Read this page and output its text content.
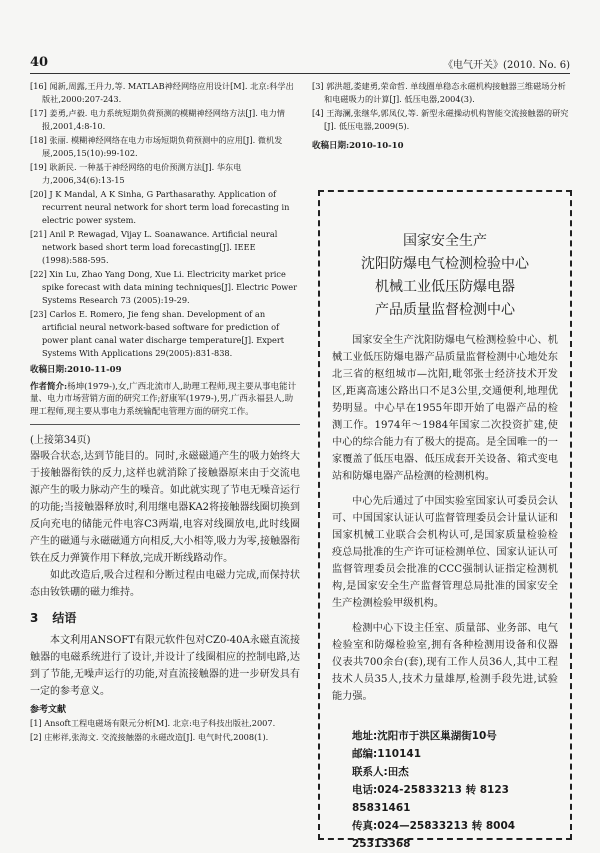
40	《电气开关》(2010. No. 6)

[16] 闻新,周露,王丹力,等. MATLAB神经网络应用设计[M]. 北京:科学出版社,2000:207-243.

[17] 姜勇,卢毅. 电力系统短期负荷预测的模糊神经网络方法[J]. 电力情报,2001,4:8-10.

[18] 张丽. 模糊神经网络在电力市场短期负荷预测中的应用[J]. 微机发展,2005,15(10):99-102.

[19] 耿新民. 一种基于神经网络的电价预测方法[J]. 华东电力,2006,34(6):13-15

[20] J K Mandal, A K Sinha, G Parthasarathy. Application of recurrent neural network for short term load forecasting in electric power system.

[21] Anil P. Rewagad, Vijay L. Soanawance. Artificial neural network based short term load forecasting[J]. IEEE (1998):588-595.

[22] Xin Lu, Zhao Yang Dong, Xue Li. Electricity market price spike forecast with data mining techniques[J]. Electric Power Systems Research 73 (2005):19-29.

[23] Carlos E. Romero, Jie feng shan. Development of an artificial neural network-based software for prediction of power plant canal water discharge temperature[J]. Expert Systems With Applications 29(2005):831-838.

收稿日期:2010-11-09

作者简介:杨坤(1979-),女,广西北流市人,助理工程师,现主要从事电能计量、电力市场营销方面的研究工作;舒康军(1979-),男,广西永福县人,助理工程师,现主要从事电力系统输配电管理方面的研究工作。

(上接第34页)

器吸合状态,达到节能目的。同时,永磁磁通产生的吸力始终大于接触器衔铁的反力,这样也就消除了接触器原来由于交流电源产生的吸力脉动产生的噪音。如此就实现了节电无噪音运行的功能;当接触器释放时,利用继电器KA2将接触器线圈切换到反向充电的储能元件电容C3两端,电容对线圈放电,此时线圈产生的磁通与永磁磁通方向相反,大小相等,吸力为零,接触器衔铁在反力弹簧作用下释放,完成开断线路动作。

如此改造后,吸合过程和分断过程由电磁力完成,而保持状态由钕铁硼的磁力维持。

3 结语

本文利用ANSOFT有限元软件包对CZ0-40A永磁直流接触器的电磁系统进行了设计,并设计了线圈相应的控制电路,达到了节能,无噪声运行的功能,对直流接触器的进一步研发具有一定的参考意义。

参考文献

[1] Ansoft工程电磁场有限元分析[M]. 北京:电子科技出版社,2007.

[2] 庄彬祥,张海文. 交流接触器的永磁改造[J]. 电气时代,2008(1).

[3] 郭洪超,娄建勇,荣命哲. 单线圈单稳态永磁机构接触器三维磁场分析和电磁吸力的计算[J]. 低压电器,2004(3).

[4] 王海澜,张继华,郭凤仪,等. 新型永磁操动机构智能交流接触器的研究[J]. 低压电器,2009(5).

收稿日期:2010-10-10

国家安全生产
沈阳防爆电气检测检验中心
机械工业低压防爆电器
产品质量监督检测中心

国家安全生产沈阳防爆电气检测检验中心、机械工业低压防爆电器产品质量监督检测中心地处东北三省的枢纽城市—沈阳,毗邻张士经济技术开发区,距离高速公路出口不足3公里,交通便利,地理优势明显。中心早在1955年即开始了电器产品的检测工作。1974年～1984年国家二次投资扩建,使中心的综合能力有了极大的提高。是全国唯一的一家覆盖了低压电器、低压成套开关设备、箱式变电站和防爆电器产品检测的检测机构。

中心先后通过了中国实验室国家认可委员会认可、中国国家认证认可监督管理委员会计量认证和国家机械工业联合会机构认可,是国家质量检验检疫总局批准的生产许可证检测单位、国家认证认可监督管理委员会批准的CCC强制认证指定检测机构,是国家安全生产监督管理总局批准的国家安全生产检测检验甲级机构。

检测中心下设主任室、质量部、业务部、电气检验室和防爆检验室,拥有各种检测用设备和仪器仪表共700余台(套),现有工作人员36人,其中工程技术人员35人,技术力量雄厚,检测手段先进,试验能力强。

地址:沈阳市于洪区巢湖街10号
邮编:110141
联系人:田杰
电话:024-25833213 转 8123 85831461
传真:024—25833213 转 8004 25313368
